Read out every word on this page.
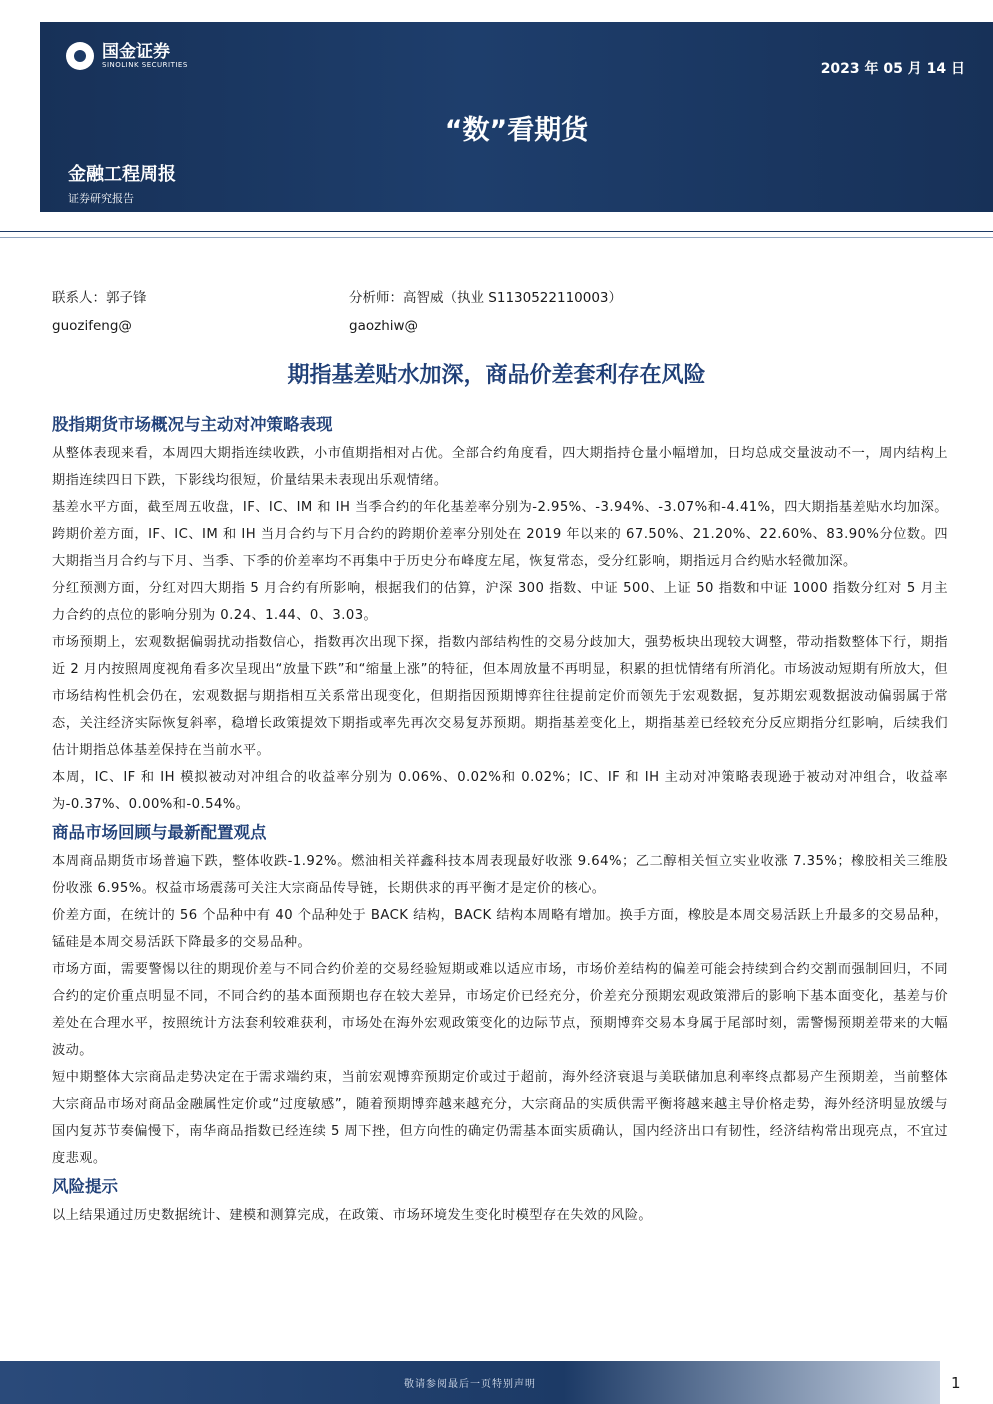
国金证券
SINOLINK SECURITIES	2023 年 05 月 14 日
“数”看期货
金融工程周报
证券研究报告
联系人：郭子锋
guozifeng@
分析师：高智威（执业 S1130522110003）
gaozhiw@
期指基差贴水加深，商品价差套利存在风险
股指期货市场概况与主动对冲策略表现

从整体表现来看，本周四大期指连续收跌，小市值期指相对占优。全部合约角度看，四大期指持仓量小幅增加，日均总成交量波动不一，周内结构上期指连续四日下跌，下影线均很短，价量结果未表现出乐观情绪。

基差水平方面，截至周五收盘，IF、IC、IM 和 IH 当季合约的年化基差率分别为-2.95%、-3.94%、-3.07%和-4.41%，四大期指基差贴水均加深。

跨期价差方面，IF、IC、IM 和 IH 当月合约与下月合约的跨期价差率分别处在 2019 年以来的 67.50%、21.20%、22.60%、83.90%分位数。四大期指当月合约与下月、当季、下季的价差率均不再集中于历史分布峰度左尾，恢复常态，受分红影响，期指远月合约贴水轻微加深。

分红预测方面，分红对四大期指 5 月合约有所影响，根据我们的估算，沪深 300 指数、中证 500、上证 50 指数和中证 1000 指数分红对 5 月主力合约的点位的影响分别为 0.24、1.44、0、3.03。

市场预期上，宏观数据偏弱扰动指数信心，指数再次出现下探，指数内部结构性的交易分歧加大，强势板块出现较大调整，带动指数整体下行，期指近 2 月内按照周度视角看多次呈现出“放量下跌”和“缩量上涨”的特征，但本周放量不再明显，积累的担忧情绪有所消化。市场波动短期有所放大，但市场结构性机会仍在，宏观数据与期指相互关系常出现变化，但期指因预期博弈往往提前定价而领先于宏观数据，复苏期宏观数据波动偏弱属于常态，关注经济实际恢复斜率，稳增长政策提效下期指或率先再次交易复苏预期。期指基差变化上，期指基差已经较充分反应期指分红影响，后续我们估计期指总体基差保持在当前水平。

本周，IC、IF 和 IH 模拟被动对冲组合的收益率分别为 0.06%、0.02%和 0.02%；IC、IF 和 IH 主动对冲策略表现逊于被动对冲组合，收益率为-0.37%、0.00%和-0.54%。

商品市场回顾与最新配置观点

本周商品期货市场普遍下跌，整体收跌-1.92%。燃油相关祥鑫科技本周表现最好收涨 9.64%；乙二醇相关恒立实业收涨 7.35%；橡胶相关三维股份收涨 6.95%。权益市场震荡可关注大宗商品传导链，长期供求的再平衡才是定价的核心。

价差方面，在统计的 56 个品种中有 40 个品种处于 BACK 结构，BACK 结构本周略有增加。换手方面，橡胶是本周交易活跃上升最多的交易品种，锰硅是本周交易活跃下降最多的交易品种。

市场方面，需要警惕以往的期现价差与不同合约价差的交易经验短期或难以适应市场，市场价差结构的偏差可能会持续到合约交割而强制回归，不同合约的定价重点明显不同，不同合约的基本面预期也存在较大差异，市场定价已经充分，价差充分预期宏观政策滞后的影响下基本面变化，基差与价差处在合理水平，按照统计方法套利较难获利，市场处在海外宏观政策变化的边际节点，预期博弈交易本身属于尾部时刻，需警惕预期差带来的大幅波动。

短中期整体大宗商品走势决定在于需求端约束，当前宏观博弈预期定价或过于超前，海外经济衰退与美联储加息利率终点都易产生预期差，当前整体大宗商品市场对商品金融属性定价或“过度敏感”，随着预期博弈越来越充分，大宗商品的实质供需平衡将越来越主导价格走势，海外经济明显放缓与国内复苏节奏偏慢下，南华商品指数已经连续 5 周下挫，但方向性的确定仍需基本面实质确认，国内经济出口有韧性，经济结构常出现亮点，不宜过度悲观。

风险提示

以上结果通过历史数据统计、建模和测算完成，在政策、市场环境发生变化时模型存在失效的风险。

敬请参阅最后一页特别声明	1
